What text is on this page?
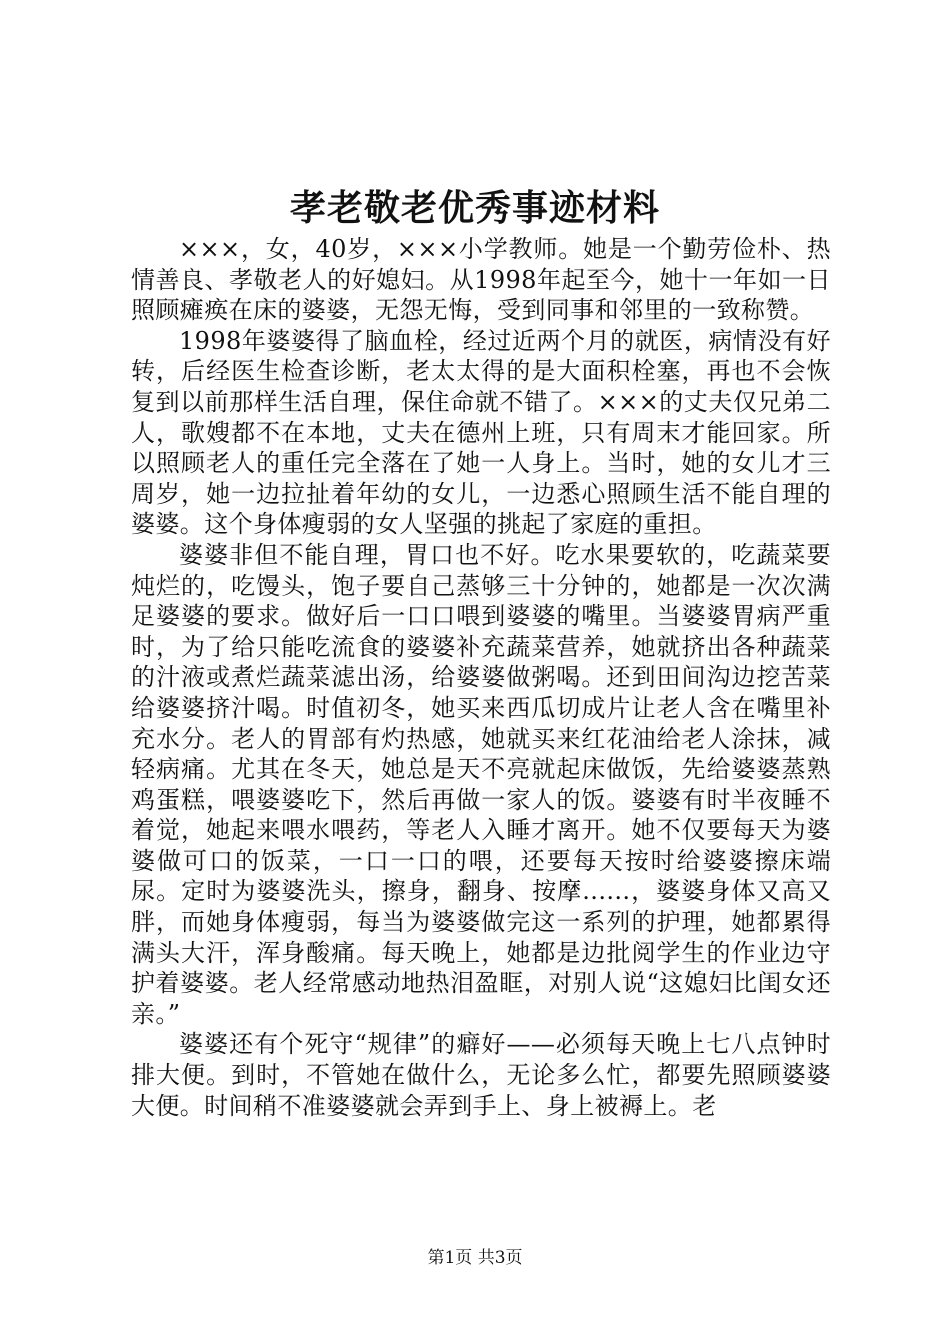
孝老敬老优秀事迹材料

×××，女，40岁，×××小学教师。她是一个勤劳俭朴、热情善良、孝敬老人的好媳妇。从1998年起至今，她十一年如一日照顾瘫痪在床的婆婆，无怨无悔，受到同事和邻里的一致称赞。

1998年婆婆得了脑血栓，经过近两个月的就医，病情没有好转，后经医生检查诊断，老太太得的是大面积栓塞，再也不会恢复到以前那样生活自理，保住命就不错了。×××的丈夫仅兄弟二人，歌嫂都不在本地，丈夫在德州上班，只有周末才能回家。所以照顾老人的重任完全落在了她一人身上。当时，她的女儿才三周岁，她一边拉扯着年幼的女儿，一边悉心照顾生活不能自理的婆婆。这个身体瘦弱的女人坚强的挑起了家庭的重担。

婆婆非但不能自理，胃口也不好。吃水果要软的，吃蔬菜要炖烂的，吃馒头，饱子要自己蒸够三十分钟的，她都是一次次满足婆婆的要求。做好后一口口喂到婆婆的嘴里。当婆婆胃病严重时，为了给只能吃流食的婆婆补充蔬菜营养，她就挤出各种蔬菜的汁液或煮烂蔬菜滤出汤，给婆婆做粥喝。还到田间沟边挖苦菜给婆婆挤汁喝。时值初冬，她买来西瓜切成片让老人含在嘴里补充水分。老人的胃部有灼热感，她就买来红花油给老人涂抹，减轻病痛。尤其在冬天，她总是天不亮就起床做饭，先给婆婆蒸熟鸡蛋糕，喂婆婆吃下，然后再做一家人的饭。婆婆有时半夜睡不着觉，她起来喂水喂药，等老人入睡才离开。她不仅要每天为婆婆做可口的饭菜，一口一口的喂，还要每天按时给婆婆擦床端尿。定时为婆婆洗头，擦身，翻身、按摩......，婆婆身体又高又胖，而她身体瘦弱，每当为婆婆做完这一系列的护理，她都累得满头大汗，浑身酸痛。每天晚上，她都是边批阅学生的作业边守护着婆婆。老人经常感动地热泪盈眶，对别人说“这媳妇比闺女还亲。”

婆婆还有个死守“规律”的癖好——必须每天晚上七八点钟时排大便。到时，不管她在做什么，无论多么忙，都要先照顾婆婆大便。时间稍不准婆婆就会弄到手上、身上被褥上。老

第1页 共3页
